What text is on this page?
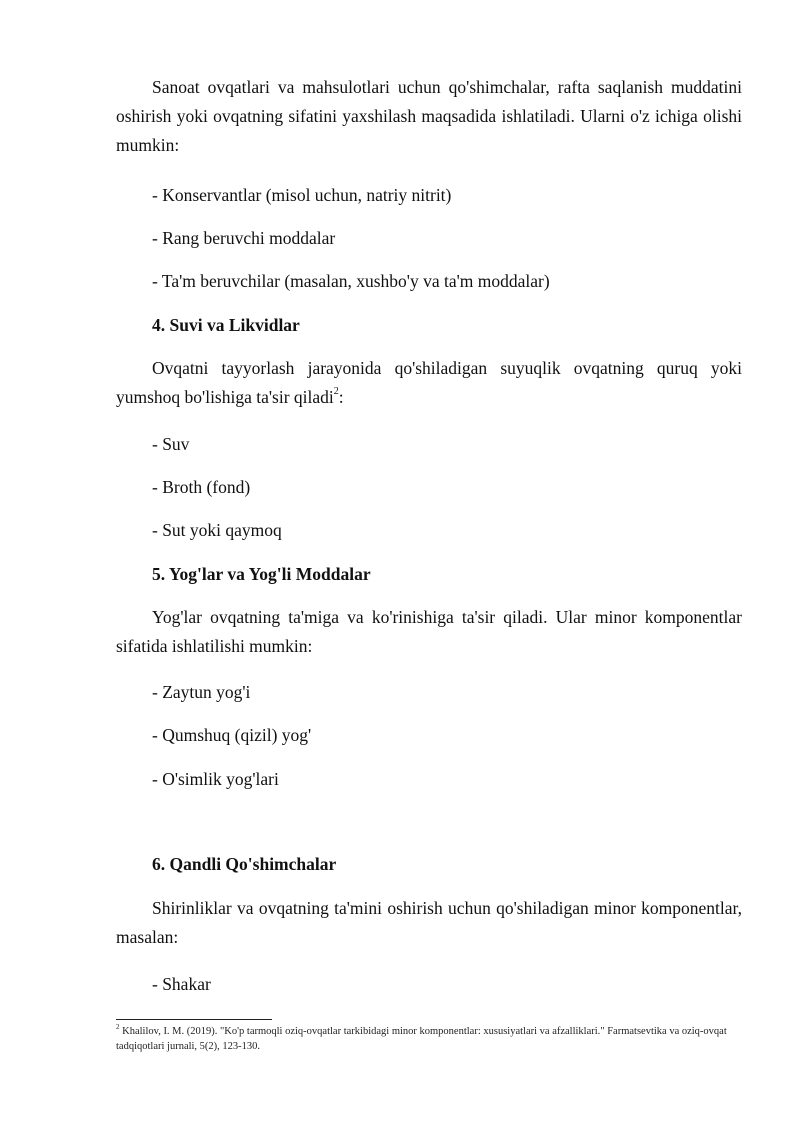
Sanoat ovqatlari va mahsulotlari uchun qo'shimchalar, rafta saqlanish muddatini oshirish yoki ovqatning sifatini yaxshilash maqsadida ishlatiladi. Ularni o'z ichiga olishi mumkin:

- Konservantlar (misol uchun, natriy nitrit)

- Rang beruvchi moddalar

- Ta'm beruvchilar (masalan, xushbo'y va ta'm moddalar)

4. Suvi va Likvidlar

Ovqatni tayyorlash jarayonida qo'shiladigan suyuqlik ovqatning quruq yoki yumshoq bo'lishiga ta'sir qiladi$^2$:

- Suv

- Broth (fond)

- Sut yoki qaymoq

5. Yog'lar va Yog'li Moddalar

Yog'lar ovqatning ta'miga va ko'rinishiga ta'sir qiladi. Ular minor komponentlar sifatida ishlatilishi mumkin:

- Zaytun yog'i

- Qumshuq (qizil) yog'

- O'simlik yog'lari

6. Qandli Qo'shimchalar

Shirinliklar va ovqatning ta'mini oshirish uchun qo'shiladigan minor komponentlar, masalan:

- Shakar

$^2$ Khalilov, I. M. (2019). "Ko'p tarmoqli oziq-ovqatlar tarkibidagi minor komponentlar: xususiyatlari va afzalliklari." Farmatsevtika va oziq-ovqat tadqiqotlari jurnali, 5(2), 123-130.
